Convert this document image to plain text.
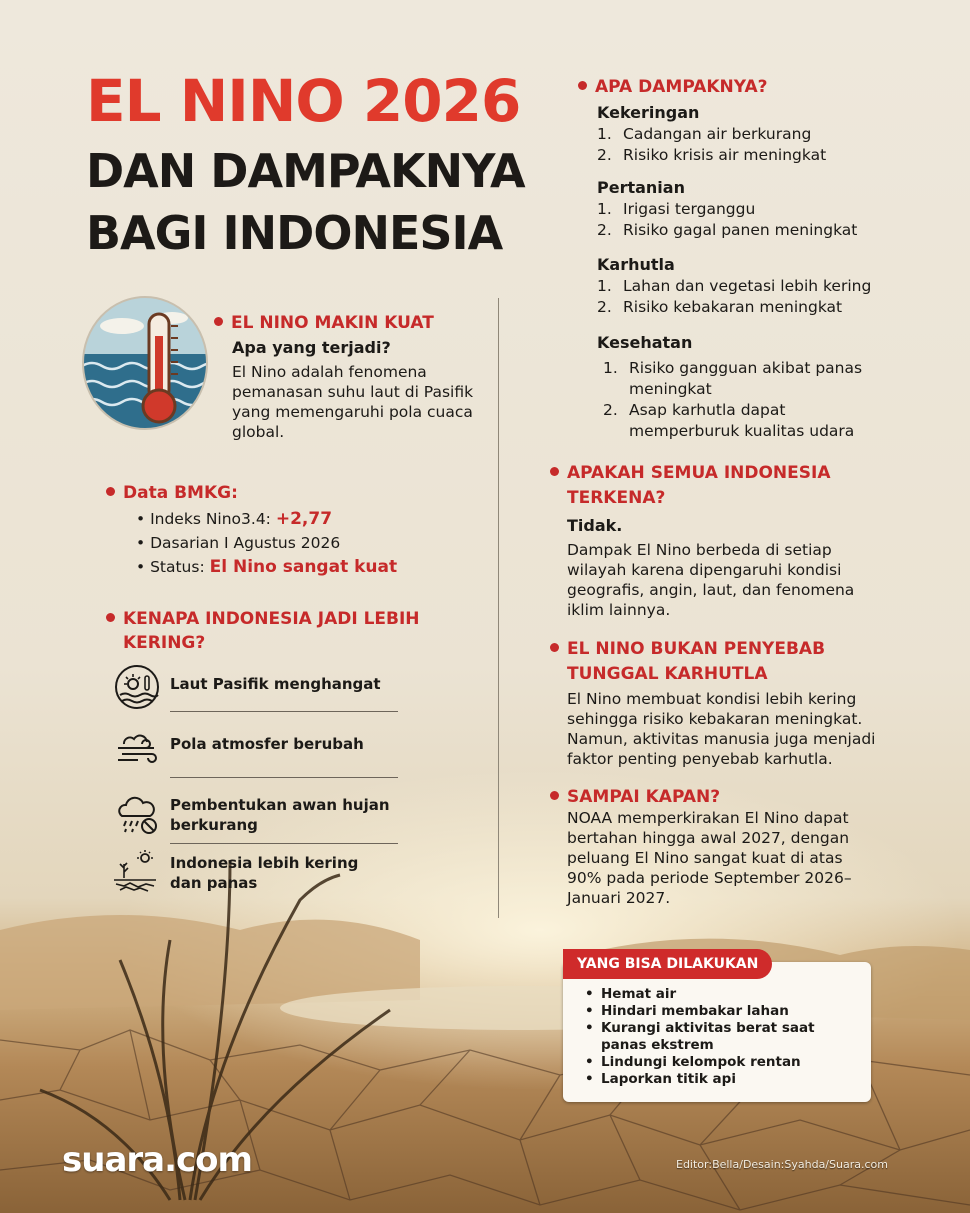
EL NINO 2026
DAN DAMPAKNYA
BAGI INDONESIA
EL NINO MAKIN KUAT
Apa yang terjadi?
El Nino adalah fenomena pemanasan suhu laut di Pasifik yang memengaruhi pola cuaca global.
Data BMKG:
• Indeks Nino3.4: +2,77
• Dasarian I Agustus 2026
• Status: El Nino sangat kuat
KENAPA INDONESIA JADI LEBIH
KERING?
Laut Pasifik menghangat
Pola atmosfer berubah
Pembentukan awan hujan
berkurang
Indonesia lebih kering
dan panas
APA DAMPAKNYA?
Kekeringan
1. Cadangan air berkurang
2. Risiko krisis air meningkat
Pertanian
1. Irigasi terganggu
2. Risiko gagal panen meningkat
Karhutla
1. Lahan dan vegetasi lebih kering
2. Risiko kebakaran meningkat
Kesehatan
1. Risiko gangguan akibat panas meningkat
2. Asap karhutla dapat memperburuk kualitas udara
APAKAH SEMUA INDONESIA
TERKENA?
Tidak.
Dampak El Nino berbeda di setiap wilayah karena dipengaruhi kondisi geografis, angin, laut, dan fenomena iklim lainnya.
EL NINO BUKAN PENYEBAB
TUNGGAL KARHUTLA
El Nino membuat kondisi lebih kering sehingga risiko kebakaran meningkat. Namun, aktivitas manusia juga menjadi faktor penting penyebab karhutla.
SAMPAI KAPAN?
NOAA memperkirakan El Nino dapat bertahan hingga awal 2027, dengan peluang El Nino sangat kuat di atas 90% pada periode September 2026–Januari 2027.
• Hemat air
• Hindari membakar lahan
• Kurangi aktivitas berat saat panas ekstrem
• Lindungi kelompok rentan
• Laporkan titik api
YANG BISA DILAKUKAN
suara.com	Editor:Bella/Desain:Syahda/Suara.com
